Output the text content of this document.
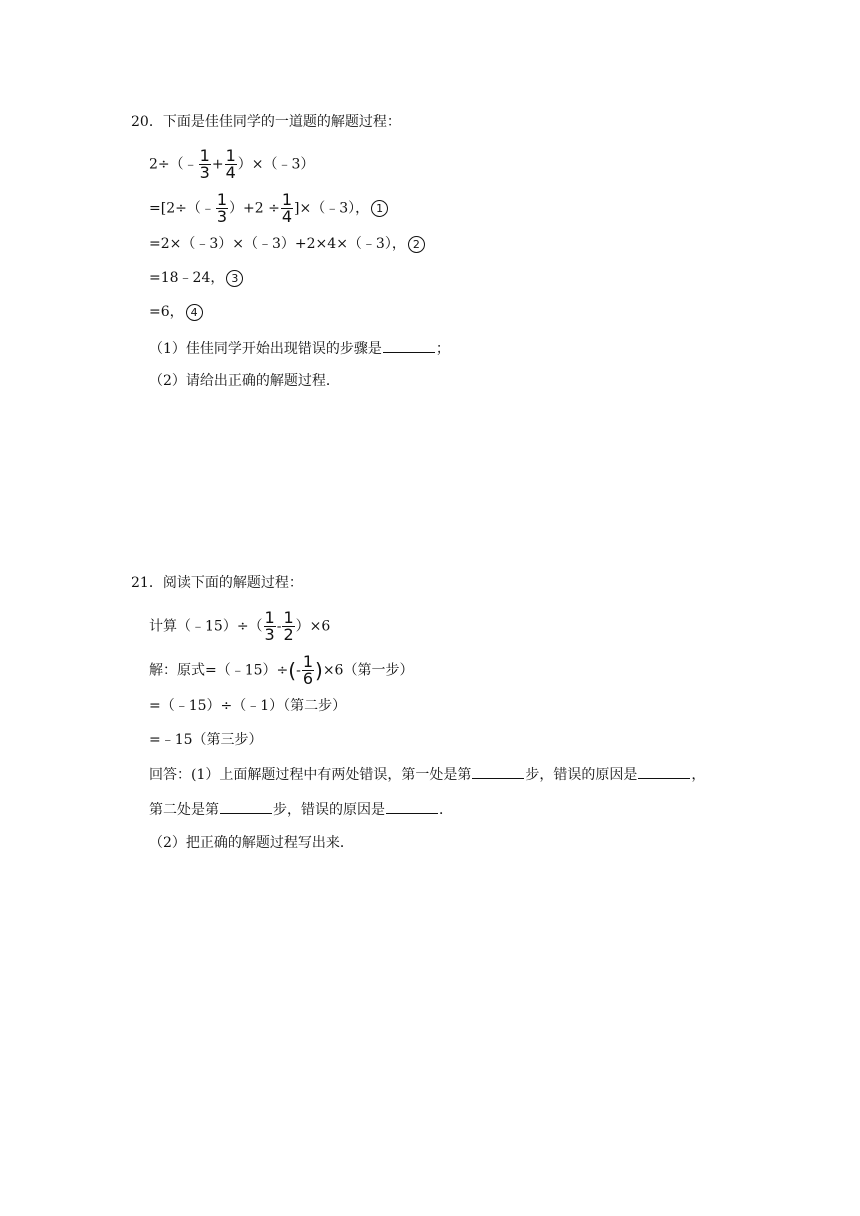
20．下面是佳佳同学的一道题的解题过程：
2÷（﹣ $\frac{1}{3} + \frac{1}{4}$ ）×（﹣3）
=[2÷（﹣ $\frac{1}{3} )+2 \div \frac{1}{4}$ ]×（﹣3）， 1
=2×（﹣3）×（﹣3）+2×4×（﹣3）， 2
=18﹣24， 3
=6， 4
（1）佳佳同学开始出现错误的步骤是	；
（2）请给出正确的解题过程．
21．阅读下面的解题过程：
计算（﹣15）÷（ $\frac{1}{3} - \frac{1}{2} )\times 6$
解：原式=（﹣15）÷(- $\frac{1}{6} )\times 6$（第一步）
=（﹣15）÷（﹣1）（第二步）
=﹣15（第三步）
回答：(1）上面解题过程中有两处错误，第一处是第	步，错误的原因是	，
第二处是第	步，错误的原因是	．
（2）把正确的解题过程写出来．
